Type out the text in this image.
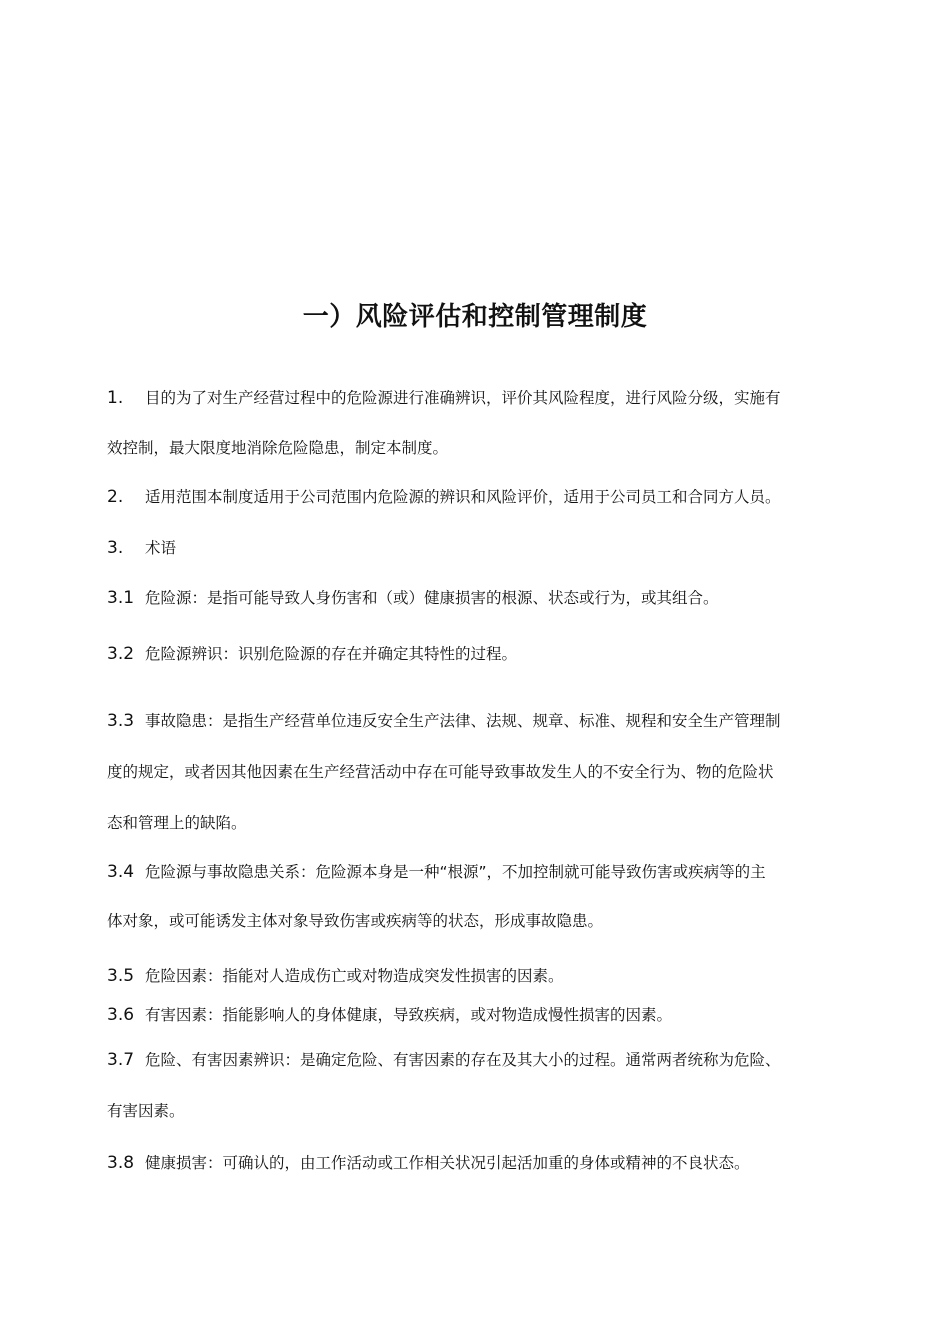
一）风险评估和控制管理制度
1. 目的为了对生产经营过程中的危险源进行准确辨识，评价其风险程度，进行风险分级，实施有
效控制，最大限度地消除危险隐患，制定本制度。
2. 适用范围本制度适用于公司范围内危险源的辨识和风险评价，适用于公司员工和合同方人员。
3. 术语
3.1 危险源：是指可能导致人身伤害和（或）健康损害的根源、状态或行为，或其组合。
3.2 危险源辨识：识别危险源的存在并确定其特性的过程。
3.3 事故隐患：是指生产经营单位违反安全生产法律、法规、规章、标准、规程和安全生产管理制
度的规定，或者因其他因素在生产经营活动中存在可能导致事故发生人的不安全行为、物的危险状
态和管理上的缺陷。
3.4 危险源与事故隐患关系：危险源本身是一种“根源”，不加控制就可能导致伤害或疾病等的主
体对象，或可能诱发主体对象导致伤害或疾病等的状态，形成事故隐患。
3.5 危险因素：指能对人造成伤亡或对物造成突发性损害的因素。
3.6 有害因素：指能影响人的身体健康，导致疾病，或对物造成慢性损害的因素。
3.7 危险、有害因素辨识：是确定危险、有害因素的存在及其大小的过程。通常两者统称为危险、
有害因素。
3.8 健康损害：可确认的，由工作活动或工作相关状况引起活加重的身体或精神的不良状态。
